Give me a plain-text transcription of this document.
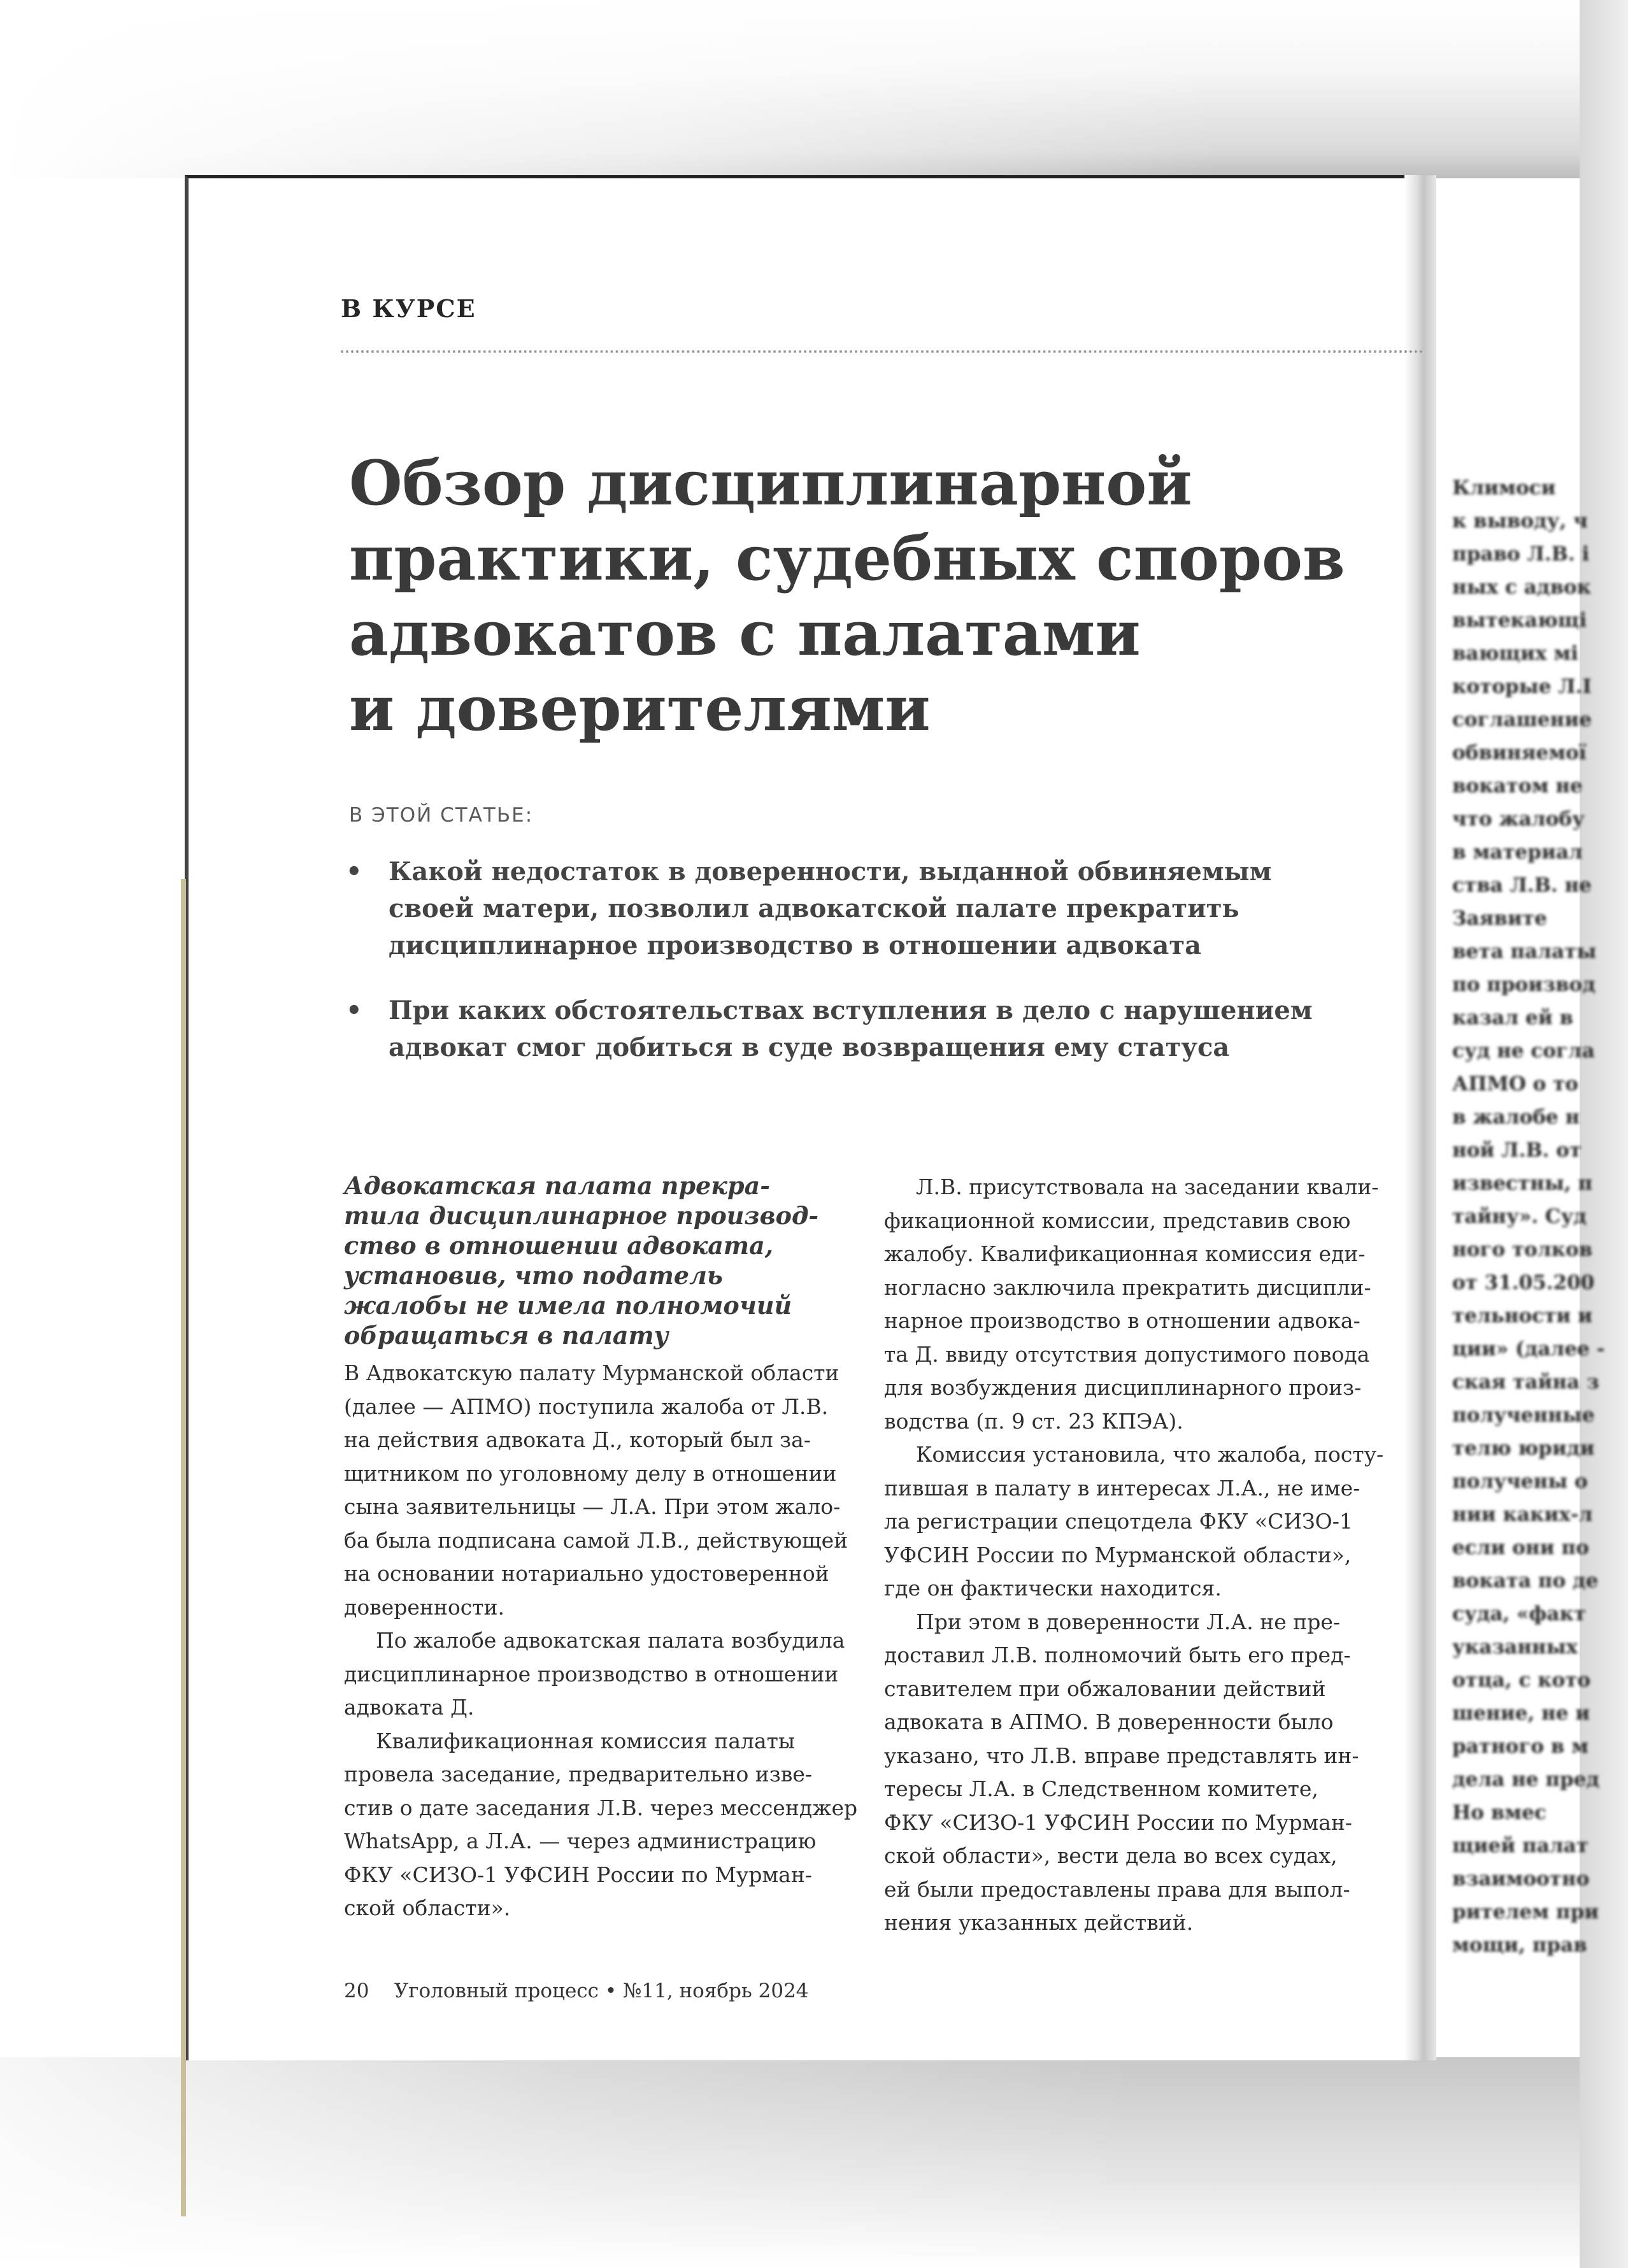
В КУРСЕ
Обзор дисциплинарной
практики, судебных споров
адвокатов с палатами
и доверителями
В ЭТОЙ СТАТЬЕ:
• Какой недостаток в доверенности, выданной обвиняемым
своей матери, позволил адвокатской палате прекратить
дисциплинарное производство в отношении адвоката
• При каких обстоятельствах вступления в дело с нарушением
адвокат смог добиться в суде возвращения ему статуса
Адвокатская палата прекра-
тила дисциплинарное производ-
ство в отношении адвоката,
установив, что податель
жалобы не имела полномочий
обращаться в палату

В Адвокатскую палату Мурманской области
(далее — АПМО) поступила жалоба от Л.В.
на действия адвоката Д., который был за-
щитником по уголовному делу в отношении
сына заявительницы — Л.А. При этом жало-
ба была подписана самой Л.В., действующей
на основании нотариально удостоверенной
доверенности.

По жалобе адвокатская палата возбудила
дисциплинарное производство в отношении
адвоката Д.

Квалификационная комиссия палаты
провела заседание, предварительно изве-
стив о дате заседания Л.В. через мессенджер
WhatsApp, а Л.А. — через администрацию
ФКУ «СИЗО-1 УФСИН России по Мурман-
ской области».

Л.В. присутствовала на заседании квали-
фикационной комиссии, представив свою
жалобу. Квалификационная комиссия еди-
ногласно заключила прекратить дисципли-
нарное производство в отношении адвока-
та Д. ввиду отсутствия допустимого повода
для возбуждения дисциплинарного произ-
водства (п. 9 ст. 23 КПЭА).

Комиссия установила, что жалоба, посту-
пившая в палату в интересах Л.А., не име-
ла регистрации спецотдела ФКУ «СИЗО-1
УФСИН России по Мурманской области»,
где он фактически находится.

При этом в доверенности Л.А. не пре-
доставил Л.В. полномочий быть его пред-
ставителем при обжаловании действий
адвоката в АПМО. В доверенности было
указано, что Л.В. вправе представлять ин-
тересы Л.А. в Следственном комитете,
ФКУ «СИЗО-1 УФСИН России по Мурман-
ской области», вести дела во всех судах,
ей были предоставлены права для выпол-
нения указанных действий.

20 Уголовный процесс • №11, ноябрь 2024
Климоси
к выводу, ч
право Л.В. і
ных с адвок
вытекающі
вающих мі
которые Л.І
соглашение
обвиняемої
вокатом не
что жалобу
в материал
ства Л.В. не
Заявите
вета палаты
по производ
казал ей в
суд не согла
АПМО о то
в жалобе н
ной Л.В. от
известны, п
тайну». Суд
ного толков
от 31.05.200
тельности и
ции» (далее -
ская тайна з
полученные
телю юриди
получены о
нии каких-л
если они по
воката по де
суда, «факт
указанных
отца, с кото
шение, не и
ратного в м
дела не пред
Но вмес
щией палат
взаимоотно
рителем при
мощи, прав
